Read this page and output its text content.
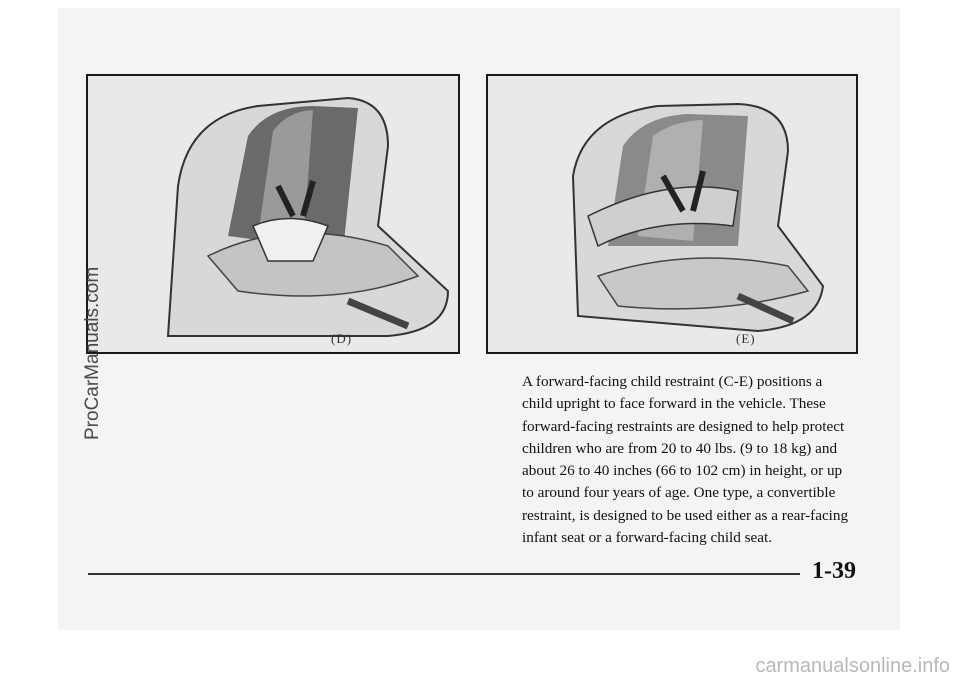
(D)	(E)

A forward-facing child restraint (C-E) positions a child upright to face forward in the vehicle. These forward-facing restraints are designed to help protect children who are from 20 to 40 lbs. (9 to 18 kg) and about 26 to 40 inches (66 to 102 cm) in height, or up to around four years of age. One type, a convertible restraint, is designed to be used either as a rear-facing infant seat or a forward-facing child seat.

1-39
ProCarManuals.com
carmanualsonline.info
